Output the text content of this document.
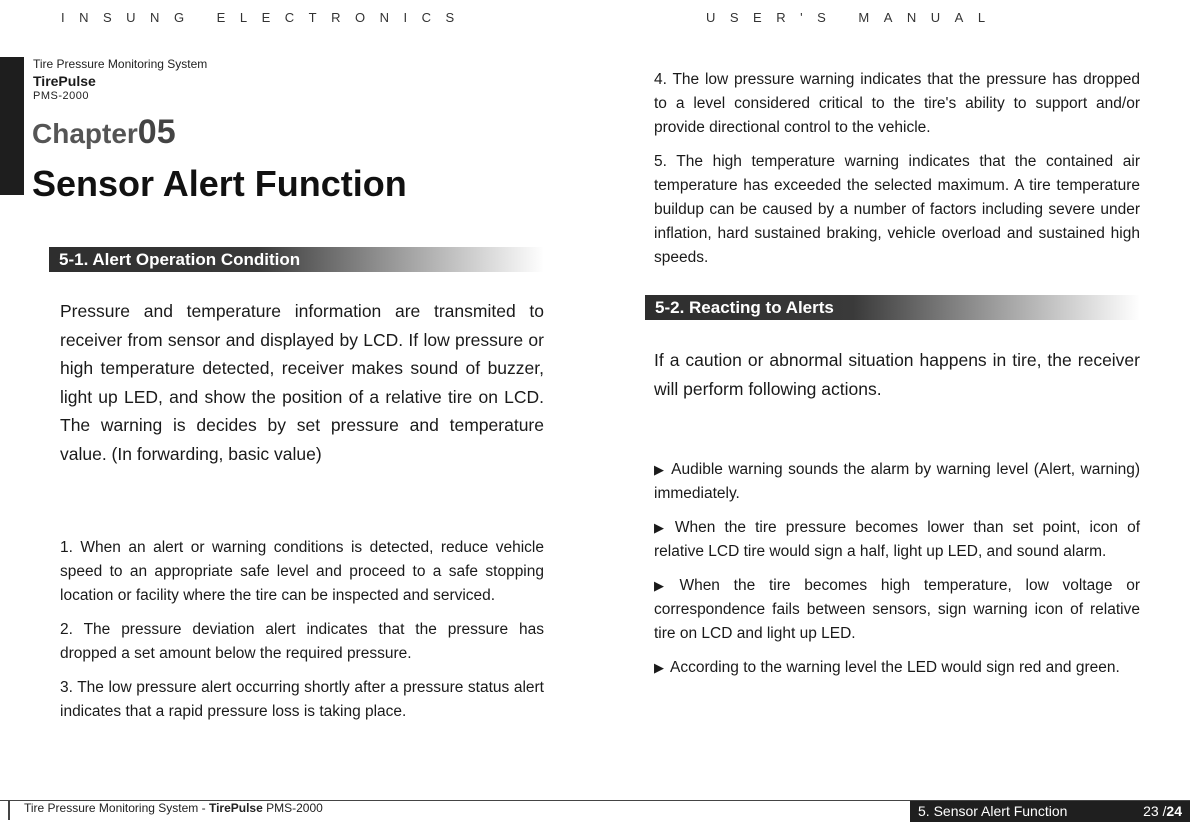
INSUNG ELECTRONICS	USER'S MANUAL
Tire Pressure Monitoring System
TirePulse
PMS-2000
Chapter05
Sensor Alert Function
5-1. Alert Operation Condition
Pressure and temperature information are transmited to receiver from sensor and displayed by LCD. If low pressure or high temperature detected, receiver makes sound of buzzer, light up LED, and show the position of a relative tire on LCD. The warning is decides by set pressure and temperature value. (In forwarding, basic value)

1. When an alert or warning conditions is detected, reduce vehicle speed to an appropriate safe level and proceed to a safe stopping location or facility where the tire can be inspected and serviced.

2. The pressure deviation alert indicates that the pressure has dropped a set amount below the required pressure.

3. The low pressure alert occurring shortly after a pressure status alert indicates that a rapid pressure loss is taking place.

4. The low pressure warning indicates that the pressure has dropped to a level considered critical to the tire's ability to support and/or provide directional control to the vehicle.

5. The high temperature warning indicates that the contained air temperature has exceeded the selected maximum. A tire temperature buildup can be caused by a number of factors including severe under inflation, hard sustained braking, vehicle overload and sustained high speeds.

5-2. Reacting to Alerts
If a caution or abnormal situation happens in tire, the receiver will perform following actions.

▶ Audible warning sounds the alarm by warning level (Alert, warning) immediately.

▶ When the tire pressure becomes lower than set point, icon of relative LCD tire would sign a half, light up LED, and sound alarm.

▶ When the tire becomes high temperature, low voltage or correspondence fails between sensors, sign warning icon of relative tire on LCD and light up LED.

▶ According to the warning level the LED would sign red and green.

Tire Pressure Monitoring System - TirePulse PMS-2000	5. Sensor Alert Function	23 /24
